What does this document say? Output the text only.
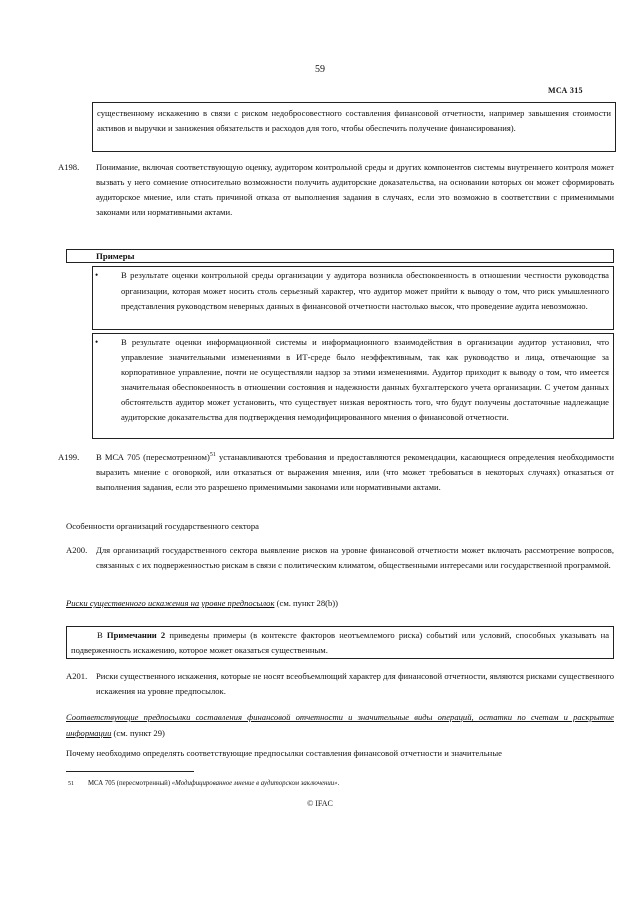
59
МСА 315

существенному искажению в связи с риском недобросовестного составления финансовой отчетности, например завышения стоимости активов и выручки и занижения обязательств и расходов для того, чтобы обеспечить получение финансирования).

A198. Понимание, включая соответствующую оценку, аудитором контрольной среды и других компонентов системы внутреннего контроля может вызвать у него сомнение относительно возможности получить аудиторские доказательства, на основании которых он может сформировать аудиторское мнение, или стать причиной отказа от выполнения задания в случаях, если это возможно в соответствии с применимыми законами или нормативными актами.

Примеры
•	В результате оценки контрольной среды организации у аудитора возникла обеспокоенность в отношении честности руководства организации, которая может носить столь серьезный характер, что аудитор может прийти к выводу о том, что риск умышленного представления руководством неверных данных в финансовой отчетности настолько высок, что проведение аудита невозможно.

•	В результате оценки информационной системы и информационного взаимодействия в организации аудитор установил, что управление значительными изменениями в ИТ-среде было неэффективным, так как руководство и лица, отвечающие за корпоративное управление, почти не осуществляли надзор за этими изменениями. Аудитор приходит к выводу о том, что имеется значительная обеспокоенность в отношении состояния и надежности данных бухгалтерского учета организации. С учетом данных обстоятельств аудитор может установить, что существует низкая вероятность того, что будут получены достаточные надлежащие аудиторские доказательства для подтверждения немодифицированного мнения о финансовой отчетности.

A199. В МСА 705 (пересмотренном)$^{51}$ устанавливаются требования и предоставляются рекомендации, касающиеся определения необходимости выразить мнение с оговоркой, или отказаться от выражения мнения, или (что может требоваться в некоторых случаях) отказаться от выполнения задания, если это разрешено применимыми законами или нормативными актами.

Особенности организаций государственного сектора
A200. Для организаций государственного сектора выявление рисков на уровне финансовой отчетности может включать рассмотрение вопросов, связанных с их подверженностью рискам в связи с политическим климатом, общественными интересами или государственной программой.

Риски существенного искажения на уровне предпосылок (см. пункт 28(b))

В Примечании 2 приведены примеры (в контексте факторов неотъемлемого риска) событий или условий, способных указывать на подверженность искажению, которое может оказаться существенным.

A201. Риски существенного искажения, которые не носят всеобъемлющий характер для финансовой отчетности, являются рисками существенного искажения на уровне предпосылок.

Соответствующие предпосылки составления финансовой отчетности и значительные виды операций, остатки по счетам и раскрытие информации (см. пункт 29)

Почему необходимо определять соответствующие предпосылки составления финансовой отчетности и значительные

51 МСА 705 (пересмотренный) «Модифицированное мнение в аудиторском заключении».
© IFAC
